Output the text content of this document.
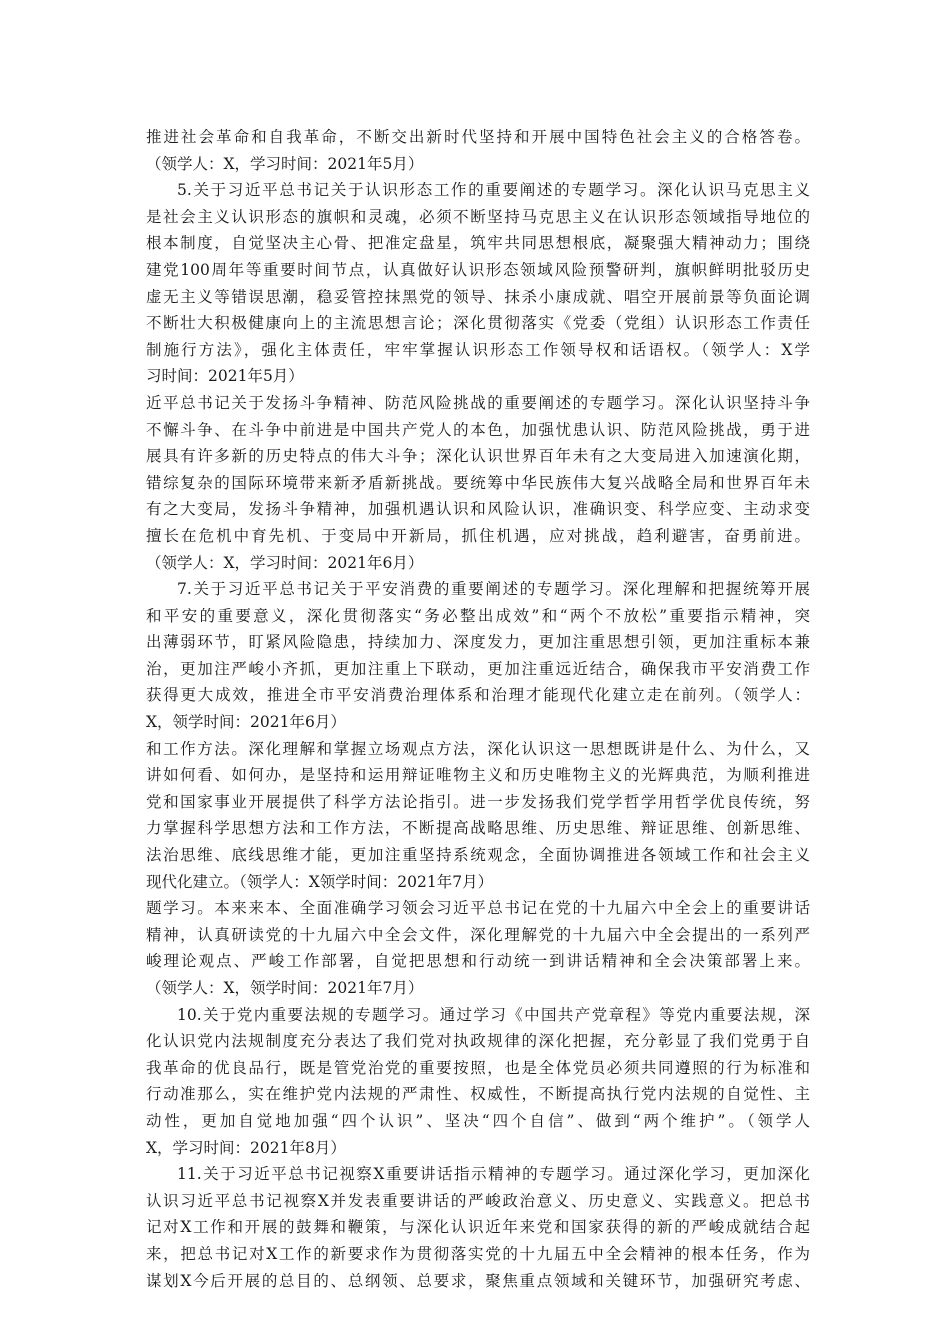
推进社会革命和自我革命，不断交出新时代坚持和开展中国特色社会主义的合格答卷。
（领学人：X，学习时间：2021年5月）
5.关于习近平总书记关于认识形态工作的重要阐述的专题学习。深化认识马克思主义
是社会主义认识形态的旗帜和灵魂，必须不断坚持马克思主义在认识形态领域指导地位的
根本制度，自觉坚决主心骨、把准定盘星，筑牢共同思想根底，凝聚强大精神动力；围绕
建党100周年等重要时间节点，认真做好认识形态领域风险预警研判，旗帜鲜明批驳历史
虚无主义等错误思潮，稳妥管控抹黑党的领导、抹杀小康成就、唱空开展前景等负面论调
不断壮大积极健康向上的主流思想言论；深化贯彻落实《党委（党组）认识形态工作责任
制施行方法》，强化主体责任，牢牢掌握认识形态工作领导权和话语权。（领学人：X学
习时间：2021年5月）
近平总书记关于发扬斗争精神、防范风险挑战的重要阐述的专题学习。深化认识坚持斗争
不懈斗争、在斗争中前进是中国共产党人的本色，加强忧患认识、防范风险挑战，勇于进
展具有许多新的历史特点的伟大斗争；深化认识世界百年未有之大变局进入加速演化期，
错综复杂的国际环境带来新矛盾新挑战。要统筹中华民族伟大复兴战略全局和世界百年未
有之大变局，发扬斗争精神，加强机遇认识和风险认识，准确识变、科学应变、主动求变
擅长在危机中育先机、于变局中开新局，抓住机遇，应对挑战，趋利避害，奋勇前进。
（领学人：X，学习时间：2021年6月）
7.关于习近平总书记关于平安消费的重要阐述的专题学习。深化理解和把握统筹开展
和平安的重要意义，深化贯彻落实“务必整出成效”和“两个不放松”重要指示精神，突
出薄弱环节，盯紧风险隐患，持续加力、深度发力，更加注重思想引领，更加注重标本兼
治，更加注严峻小齐抓，更加注重上下联动，更加注重远近结合，确保我市平安消费工作
获得更大成效，推进全市平安消费治理体系和治理才能现代化建立走在前列。（领学人：
X，领学时间：2021年6月）
和工作方法。深化理解和掌握立场观点方法，深化认识这一思想既讲是什么、为什么，又
讲如何看、如何办，是坚持和运用辩证唯物主义和历史唯物主义的光辉典范，为顺利推进
党和国家事业开展提供了科学方法论指引。进一步发扬我们党学哲学用哲学优良传统，努
力掌握科学思想方法和工作方法，不断提高战略思维、历史思维、辩证思维、创新思维、
法治思维、底线思维才能，更加注重坚持系统观念，全面协调推进各领域工作和社会主义
现代化建立。（领学人：X领学时间：2021年7月）
题学习。本来来本、全面准确学习领会习近平总书记在党的十九届六中全会上的重要讲话
精神，认真研读党的十九届六中全会文件，深化理解党的十九届六中全会提出的一系列严
峻理论观点、严峻工作部署，自觉把思想和行动统一到讲话精神和全会决策部署上来。
（领学人：X，领学时间：2021年7月）
10.关于党内重要法规的专题学习。通过学习《中国共产党章程》等党内重要法规，深
化认识党内法规制度充分表达了我们党对执政规律的深化把握，充分彰显了我们党勇于自
我革命的优良品行，既是管党治党的重要按照，也是全体党员必须共同遵照的行为标准和
行动准那么，实在维护党内法规的严肃性、权威性，不断提高执行党内法规的自觉性、主
动性，更加自觉地加强“四个认识”、坚决“四个自信”、做到“两个维护”。（领学人
X，学习时间：2021年8月）
11.关于习近平总书记视察X重要讲话指示精神的专题学习。通过深化学习，更加深化
认识习近平总书记视察X并发表重要讲话的严峻政治意义、历史意义、实践意义。把总书
记对X工作和开展的鼓舞和鞭策，与深化认识近年来党和国家获得的新的严峻成就结合起
来，把总书记对X工作的新要求作为贯彻落实党的十九届五中全会精神的根本任务，作为
谋划X今后开展的总目的、总纲领、总要求，聚焦重点领域和关键环节，加强研究考虑、
